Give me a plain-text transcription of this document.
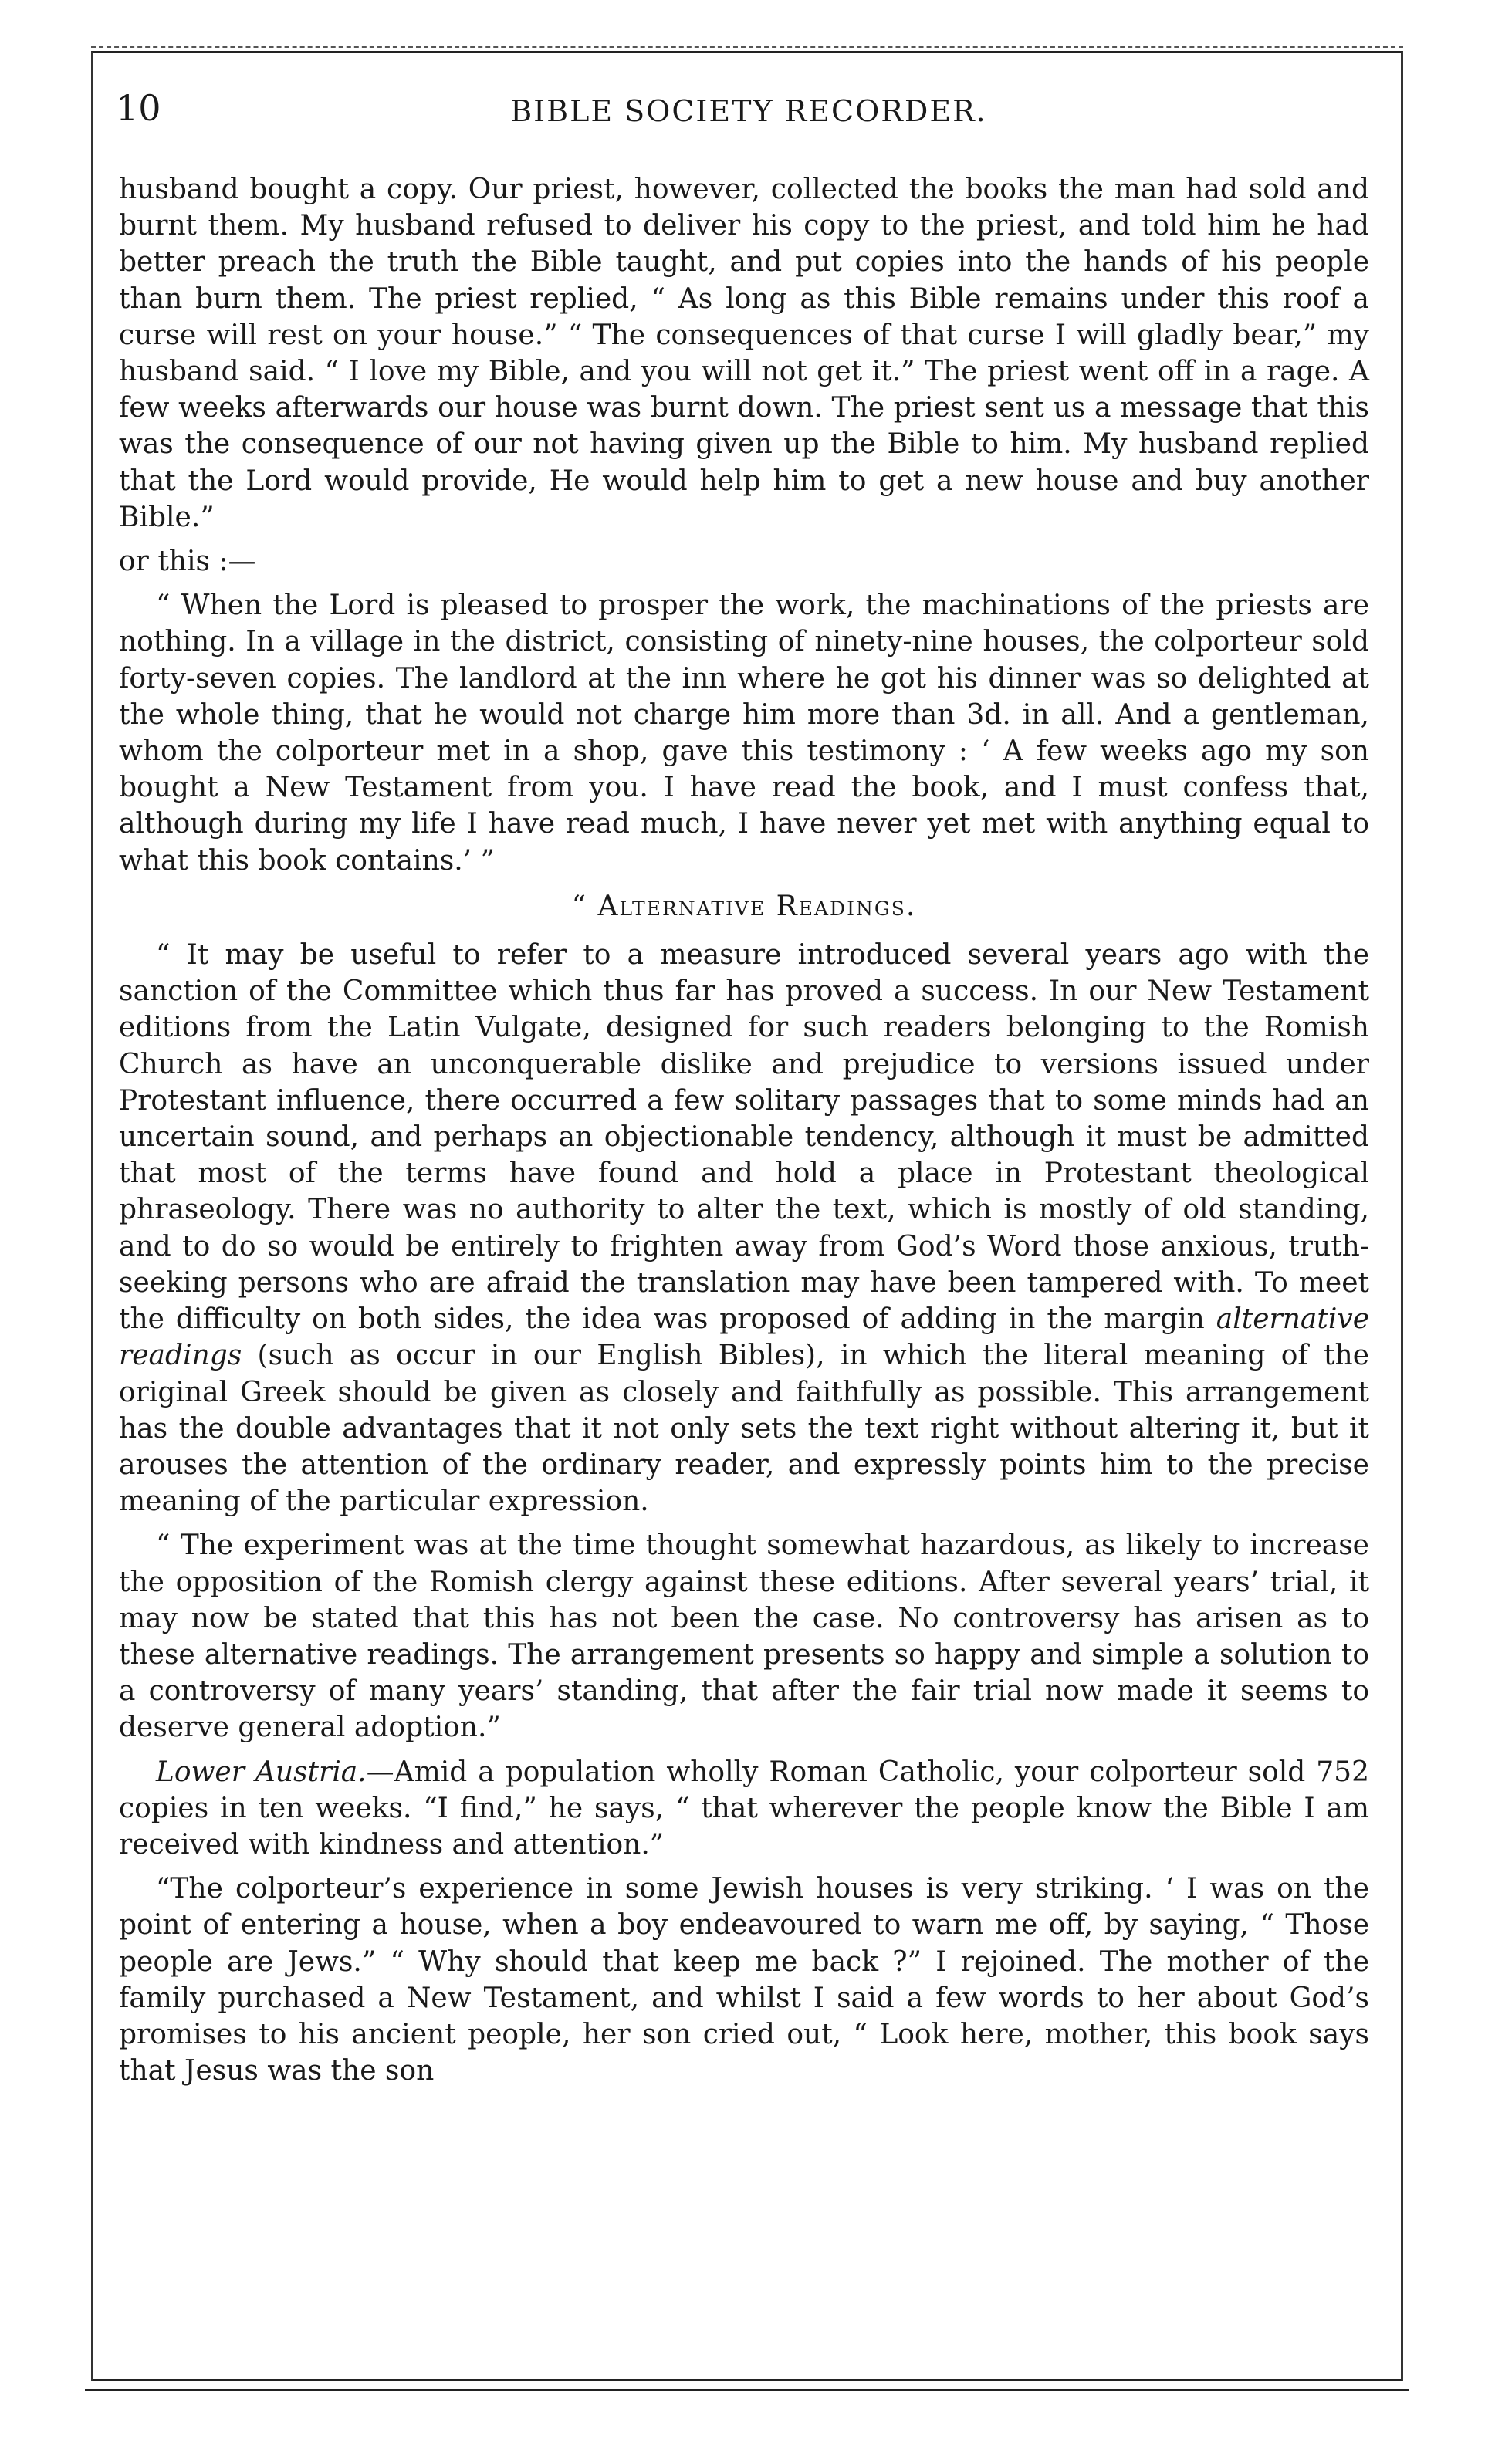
10	BIBLE SOCIETY RECORDER.

husband bought a copy. Our priest, however, collected the books the man had sold and burnt them. My husband refused to deliver his copy to the priest, and told him he had better preach the truth the Bible taught, and put copies into the hands of his people than burn them. The priest replied, “ As long as this Bible remains under this roof a curse will rest on your house.” “ The consequences of that curse I will gladly bear,” my husband said. “ I love my Bible, and you will not get it.” The priest went off in a rage. A few weeks afterwards our house was burnt down. The priest sent us a message that this was the consequence of our not having given up the Bible to him. My husband replied that the Lord would provide, He would help him to get a new house and buy another Bible.”

or this :—

“ When the Lord is pleased to prosper the work, the machinations of the priests are nothing. In a village in the district, consisting of ninety-nine houses, the colporteur sold forty-seven copies. The landlord at the inn where he got his dinner was so delighted at the whole thing, that he would not charge him more than 3d. in all. And a gentleman, whom the colporteur met in a shop, gave this testimony : ‘ A few weeks ago my son bought a New Testament from you. I have read the book, and I must confess that, although during my life I have read much, I have never yet met with anything equal to what this book contains.’ ”

“ Alternative Readings.

“ It may be useful to refer to a measure introduced several years ago with the sanction of the Committee which thus far has proved a success. In our New Testament editions from the Latin Vulgate, designed for such readers belonging to the Romish Church as have an unconquerable dislike and prejudice to versions issued under Protestant influence, there occurred a few solitary passages that to some minds had an uncertain sound, and perhaps an objectionable tendency, although it must be admitted that most of the terms have found and hold a place in Protestant theological phraseology. There was no authority to alter the text, which is mostly of old standing, and to do so would be entirely to frighten away from God’s Word those anxious, truth-seeking persons who are afraid the translation may have been tampered with. To meet the difficulty on both sides, the idea was proposed of adding in the margin alternative readings (such as occur in our English Bibles), in which the literal meaning of the original Greek should be given as closely and faithfully as possible. This arrangement has the double advantages that it not only sets the text right without altering it, but it arouses the attention of the ordinary reader, and expressly points him to the precise meaning of the particular expression.

“ The experiment was at the time thought somewhat hazardous, as likely to increase the opposition of the Romish clergy against these editions. After several years’ trial, it may now be stated that this has not been the case. No controversy has arisen as to these alternative readings. The arrangement presents so happy and simple a solution to a controversy of many years’ standing, that after the fair trial now made it seems to deserve general adoption.”

Lower Austria.—Amid a population wholly Roman Catholic, your colporteur sold 752 copies in ten weeks. “I find,” he says, “ that wherever the people know the Bible I am received with kindness and attention.”

“The colporteur’s experience in some Jewish houses is very striking. ‘ I was on the point of entering a house, when a boy endeavoured to warn me off, by saying, “ Those people are Jews.” “ Why should that keep me back ?” I rejoined. The mother of the family purchased a New Testament, and whilst I said a few words to her about God’s promises to his ancient people, her son cried out, “ Look here, mother, this book says that Jesus was the son
